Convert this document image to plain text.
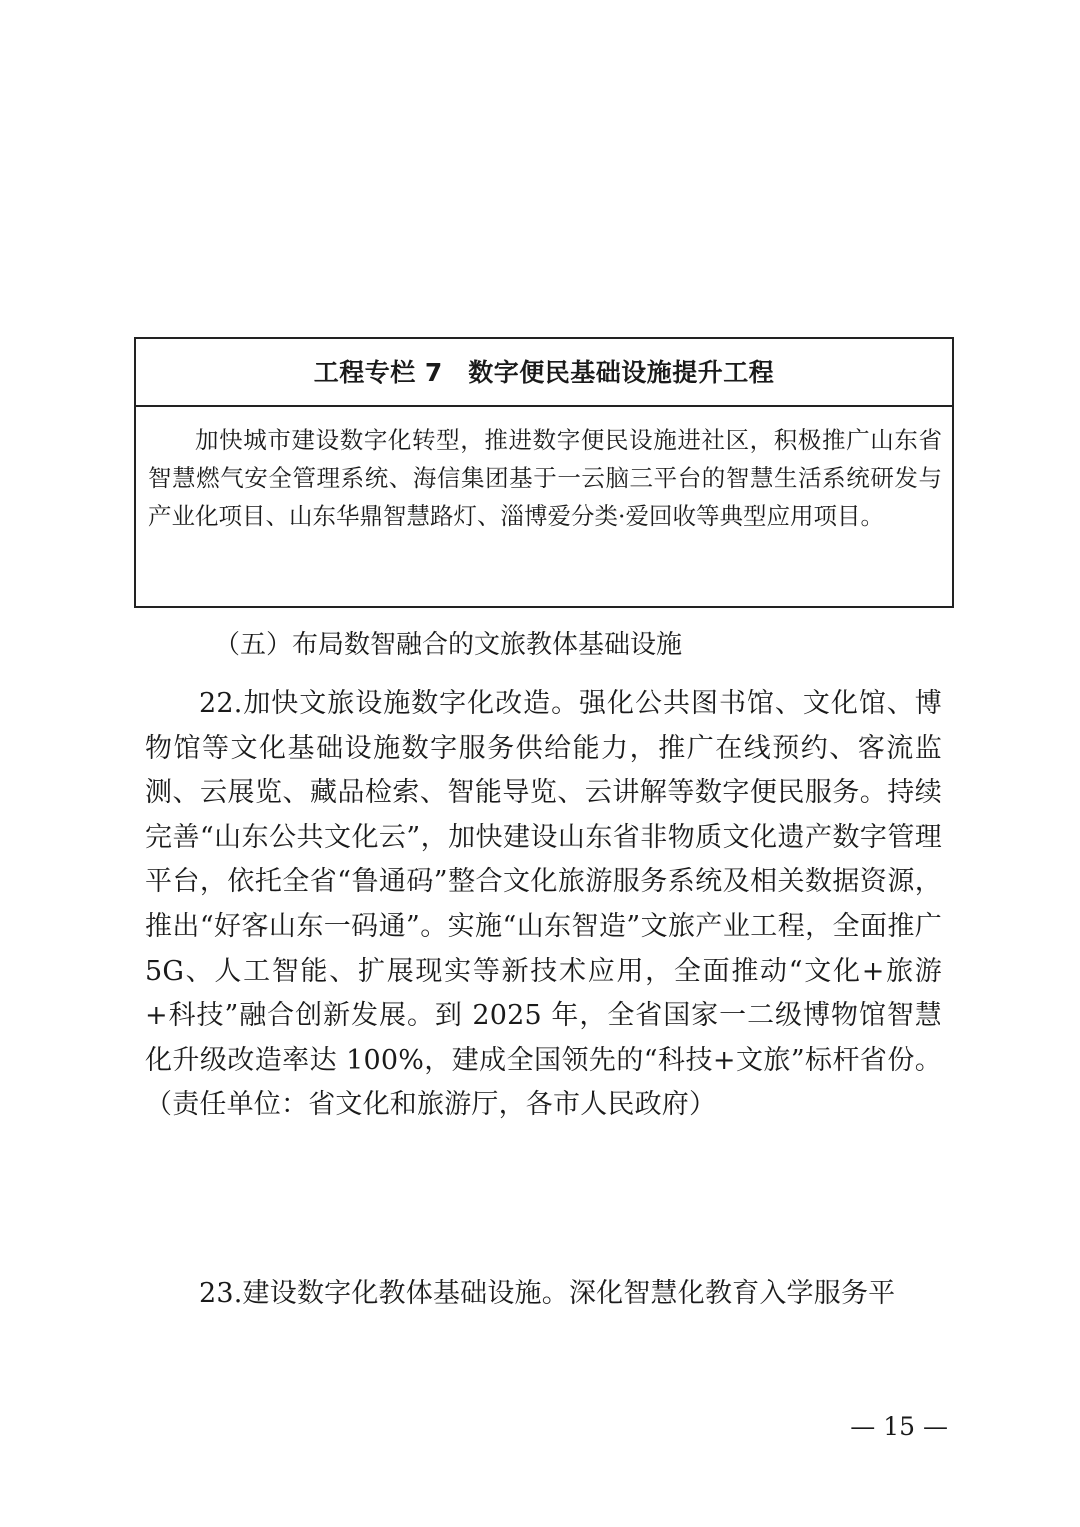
工程专栏 7　数字便民基础设施提升工程
加快城市建设数字化转型，推进数字便民设施进社区，积极推广山东省智慧燃气安全管理系统、海信集团基于一云脑三平台的智慧生活系统研发与产业化项目、山东华鼎智慧路灯、淄博爱分类·爱回收等典型应用项目。
（五）布局数智融合的文旅教体基础设施
22.加快文旅设施数字化改造。强化公共图书馆、文化馆、博物馆等文化基础设施数字服务供给能力，推广在线预约、客流监测、云展览、藏品检索、智能导览、云讲解等数字便民服务。持续完善“山东公共文化云”，加快建设山东省非物质文化遗产数字管理平台，依托全省“鲁通码”整合文化旅游服务系统及相关数据资源，推出“好客山东一码通”。实施“山东智造”文旅产业工程，全面推广 5G、人工智能、扩展现实等新技术应用，全面推动“文化+旅游+科技”融合创新发展。到 2025 年，全省国家一二级博物馆智慧化升级改造率达 100%，建成全国领先的“科技+文旅”标杆省份。（责任单位：省文化和旅游厅，各市人民政府）
23.建设数字化教体基础设施。深化智慧化教育入学服务平
— 15 —
